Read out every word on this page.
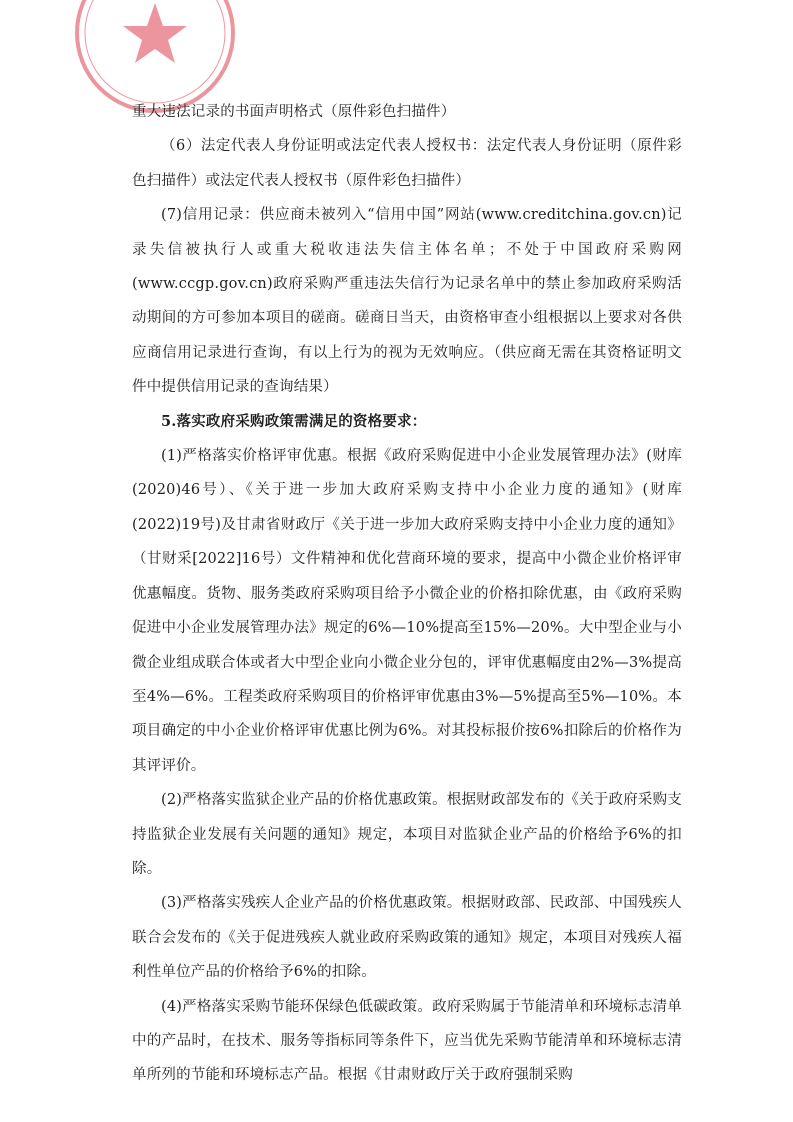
重大违法记录的书面声明格式（原件彩色扫描件）

（6）法定代表人身份证明或法定代表人授权书：法定代表人身份证明（原件彩色扫描件）或法定代表人授权书（原件彩色扫描件）

(7)信用记录：供应商未被列入“信用中国”网站(www.creditchina.gov.cn)记录失信被执行人或重大税收违法失信主体名单；不处于中国政府采购网(www.ccgp.gov.cn)政府采购严重违法失信行为记录名单中的禁止参加政府采购活动期间的方可参加本项目的磋商。磋商日当天，由资格审查小组根据以上要求对各供应商信用记录进行查询，有以上行为的视为无效响应。（供应商无需在其资格证明文件中提供信用记录的查询结果）

5.落实政府采购政策需满足的资格要求：

(1)严格落实价格评审优惠。根据《政府采购促进中小企业发展管理办法》(财库(2020)46号）、《关于进一步加大政府采购支持中小企业力度的通知》(财库(2022)19号)及甘肃省财政厅《关于进一步加大政府采购支持中小企业力度的通知》（甘财采[2022]16号）文件精神和优化营商环境的要求，提高中小微企业价格评审优惠幅度。货物、服务类政府采购项目给予小微企业的价格扣除优惠，由《政府采购促进中小企业发展管理办法》规定的6%—10%提高至15%—20%。大中型企业与小微企业组成联合体或者大中型企业向小微企业分包的，评审优惠幅度由2%—3%提高至4%—6%。工程类政府采购项目的价格评审优惠由3%—5%提高至5%—10%。本项目确定的中小企业价格评审优惠比例为6%。对其投标报价按6%扣除后的价格作为其评评价。

(2)严格落实监狱企业产品的价格优惠政策。根据财政部发布的《关于政府采购支持监狱企业发展有关问题的通知》规定，本项目对监狱企业产品的价格给予6%的扣除。

(3)严格落实残疾人企业产品的价格优惠政策。根据财政部、民政部、中国残疾人联合会发布的《关于促进残疾人就业政府采购政策的通知》规定，本项目对残疾人福利性单位产品的价格给予6%的扣除。

(4)严格落实采购节能环保绿色低碳政策。政府采购属于节能清单和环境标志清单中的产品时，在技术、服务等指标同等条件下，应当优先采购节能清单和环境标志清单所列的节能和环境标志产品。根据《甘肃财政厅关于政府强制采购
